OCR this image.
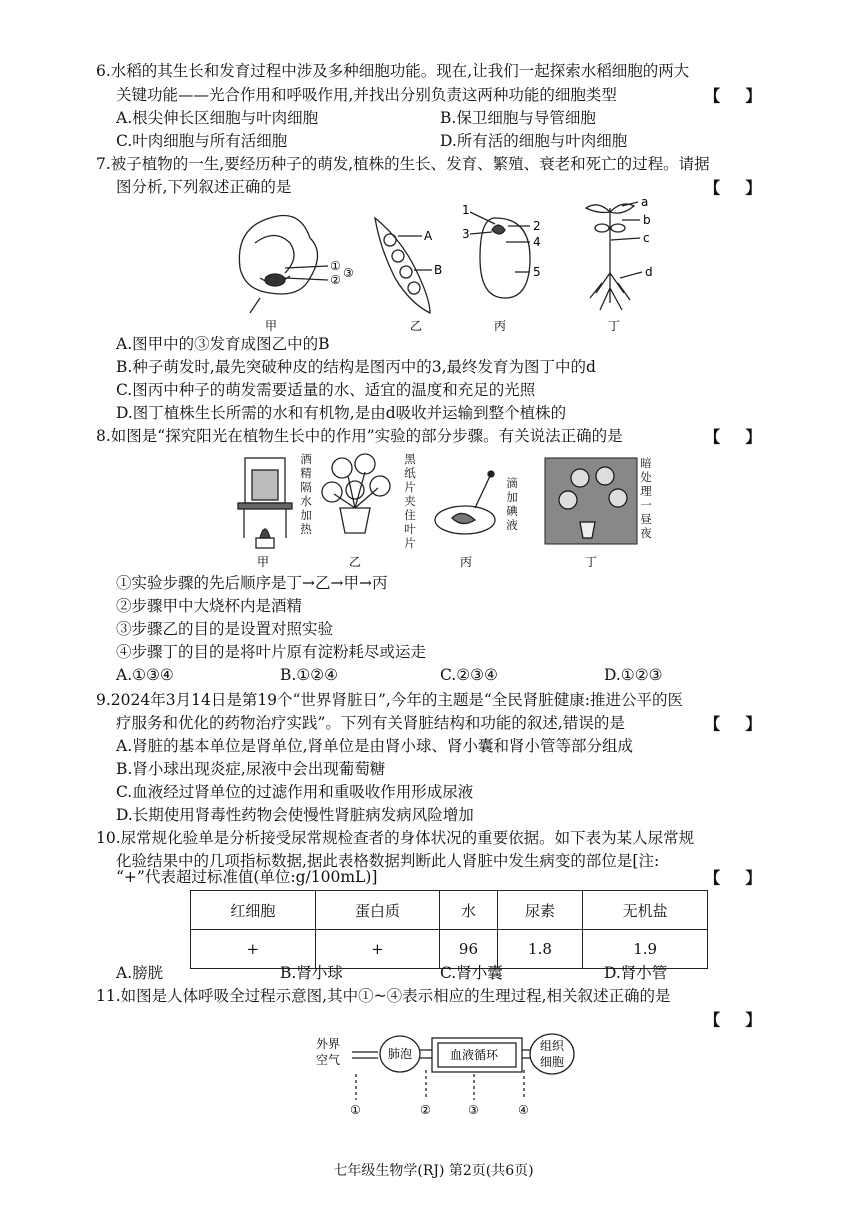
6.水稻的其生长和发育过程中涉及多种细胞功能。现在,让我们一起探索水稻细胞的两大
关键功能——光合作用和呼吸作用,并找出分别负责这两种功能的细胞类型	【 】
A.根尖伸长区细胞与叶肉细胞	B.保卫细胞与导管细胞
C.叶肉细胞与所有活细胞	D.所有活的细胞与叶肉细胞
7.被子植物的一生,要经历种子的萌发,植株的生长、发育、繁殖、衰老和死亡的过程。请据
图分析,下列叙述正确的是	【 】
①
② ③
A
B
1
3
2
4
5
a
b
c
d
甲	乙	丙	丁
A.图甲中的③发育成图乙中的B
B.种子萌发时,最先突破种皮的结构是图丙中的3,最终发育为图丁中的d
C.图丙中种子的萌发需要适量的水、适宜的温度和充足的光照
D.图丁植株生长所需的水和有机物,是由d吸收并运输到整个植株的
8.如图是“探究阳光在植物生长中的作用”实验的部分步骤。有关说法正确的是	【 】
甲	乙	丙	丁
酒
精
隔
水
加
热
黑
纸
片
夹
住
叶
片
滴
加
碘
液
暗
处
理
一
昼
夜
①实验步骤的先后顺序是丁→乙→甲→丙
②步骤甲中大烧杯内是酒精
③步骤乙的目的是设置对照实验
④步骤丁的目的是将叶片原有淀粉耗尽或运走
A.①③④	B.①②④	C.②③④	D.①②③
9.2024年3月14日是第19个“世界肾脏日”,今年的主题是“全民肾脏健康:推进公平的医
疗服务和优化的药物治疗实践”。下列有关肾脏结构和功能的叙述,错误的是	【 】
A.肾脏的基本单位是肾单位,肾单位是由肾小球、肾小囊和肾小管等部分组成
B.肾小球出现炎症,尿液中会出现葡萄糖
C.血液经过肾单位的过滤作用和重吸收作用形成尿液
D.长期使用肾毒性药物会使慢性肾脏病发病风险增加
10.尿常规化验单是分析接受尿常规检查者的身体状况的重要依据。如下表为某人尿常规
化验结果中的几项指标数据,据此表格数据判断此人肾脏中发生病变的部位是[注:
“+”代表超过标准值(单位:g/100mL)]	【 】
红细胞	蛋白质	水	尿素	无机盐
+	+	96	1.8	1.9
A.膀胱	B.肾小球	C.肾小囊	D.肾小管
11.如图是人体呼吸全过程示意图,其中①~④表示相应的生理过程,相关叙述正确的是
【 】
外界
空气	肺泡	血液循环
组织
细胞
①	②	③	④
七年级生物学(RJ) 第2页(共6页)
